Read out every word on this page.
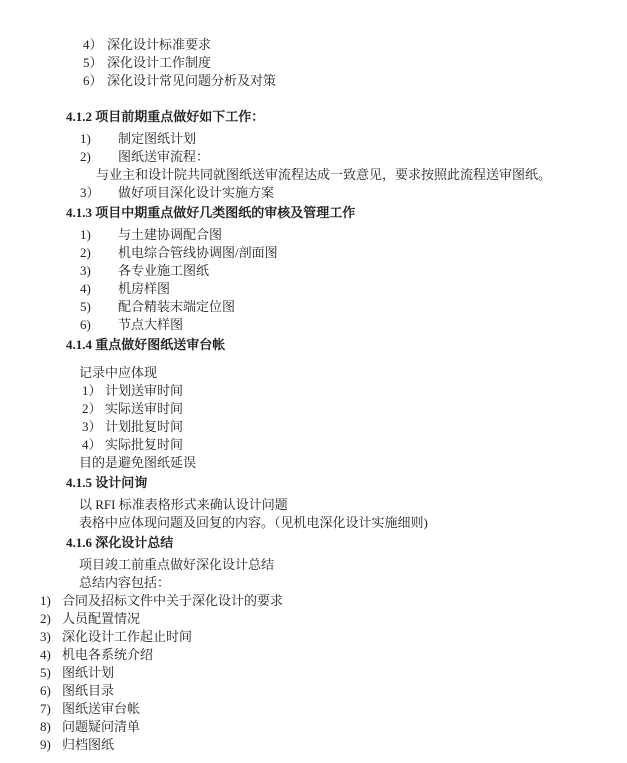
4） 深化设计标准要求
5） 深化设计工作制度
6） 深化设计常见问题分析及对策
4.1.2 项目前期重点做好如下工作：
1)	制定图纸计划
2)	图纸送审流程：
与业主和设计院共同就图纸送审流程达成一致意见，要求按照此流程送审图纸。
3）	做好项目深化设计实施方案
4.1.3 项目中期重点做好几类图纸的审核及管理工作
1)	与土建协调配合图
2)	机电综合管线协调图/剖面图
3)	各专业施工图纸
4)	机房样图
5)	配合精装末端定位图
6)	节点大样图
4.1.4 重点做好图纸送审台帐
记录中应体现
1） 计划送审时间
2） 实际送审时间
3） 计划批复时间
4） 实际批复时间
目的是避免图纸延误
4.1.5 设计问询
以 RFI 标准表格形式来确认设计问题
表格中应体现问题及回复的内容。（见机电深化设计实施细则)
4.1.6 深化设计总结
项目竣工前重点做好深化设计总结
总结内容包括：
1) 合同及招标文件中关于深化设计的要求
2) 人员配置情况
3) 深化设计工作起止时间
4) 机电各系统介绍
5) 图纸计划
6) 图纸目录
7) 图纸送审台帐
8) 问题疑问清单
9) 归档图纸
